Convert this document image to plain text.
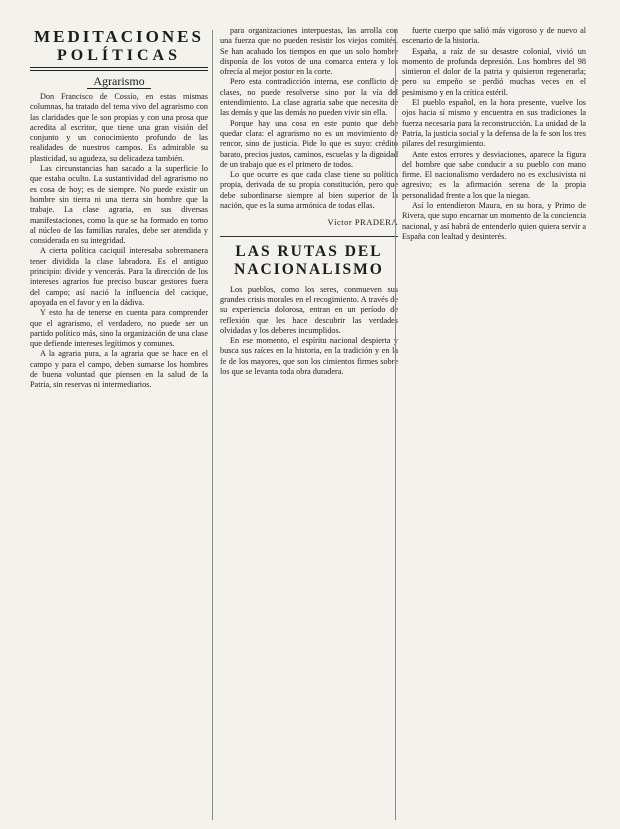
MEDITACIONES
POLÍTICAS
Agrarismo

Don Francisco de Cossío, en estas mismas columnas, ha tratado del tema vivo del agrarismo con las claridades que le son propias y con una prosa que acredita al escritor, que tiene una gran visión del conjunto y un conocimiento profundo de las realidades de nuestros campos. Es admirable su plasticidad, su agudeza, su delicadeza también.

Las circunstancias han sacado a la superficie lo que estaba oculto. La sustantividad del agrarismo no es cosa de hoy; es de siempre. No puede existir un hombre sin tierra ni una tierra sin hombre que la trabaje. La clase agraria, en sus diversas manifestaciones, como la que se ha formado en torno al núcleo de las familias rurales, debe ser atendida y considerada en su integridad.

A cierta política caciquil interesaba sobremanera tener dividida la clase labradora. Es el antiguo principio: divide y vencerás. Para la dirección de los intereses agrarios fue preciso buscar gestores fuera del campo; así nació la influencia del cacique, apoyada en el favor y en la dádiva.

Y esto ha de tenerse en cuenta para comprender que el agrarismo, el verdadero, no puede ser un partido político más, sino la organización de una clase que defiende intereses legítimos y comunes.

A la agraria pura, a la agraria que se hace en el campo y para el campo, deben sumarse los hombres de buena voluntad que piensen en la salud de la Patria, sin reservas ni intermediarios.

para organizaciones interpuestas, las arrolla con una fuerza que no pueden resistir los viejos comités. Se han acabado los tiempos en que un solo hombre disponía de los votos de una comarca entera y los ofrecía al mejor postor en la corte.

Pero esta contradicción interna, ese conflicto de clases, no puede resolverse sino por la vía del entendimiento. La clase agraria sabe que necesita de las demás y que las demás no pueden vivir sin ella.

Porque hay una cosa en este punto que debe quedar clara: el agrarismo no es un movimiento de rencor, sino de justicia. Pide lo que es suyo: crédito barato, precios justos, caminos, escuelas y la dignidad de un trabajo que es el primero de todos.

Lo que ocurre es que cada clase tiene su política propia, derivada de su propia constitución, pero que debe subordinarse siempre al bien superior de la nación, que es la suma armónica de todas ellas.

Víctor PRADERA
LAS RUTAS DEL NACIONALISMO

Los pueblos, como los seres, conmueven sus grandes crisis morales en el recogimiento. A través de su experiencia dolorosa, entran en un período de reflexión que les hace descubrir las verdades olvidadas y los deberes incumplidos.

En ese momento, el espíritu nacional despierta y busca sus raíces en la historia, en la tradición y en la fe de los mayores, que son los cimientos firmes sobre los que se levanta toda obra duradera.

fuerte cuerpo que salió más vigoroso y de nuevo al escenario de la historia.

España, a raíz de su desastre colonial, vivió un momento de profunda depresión. Los hombres del 98 sintieron el dolor de la patria y quisieron regenerarla; pero su empeño se perdió muchas veces en el pesimismo y en la crítica estéril.

El pueblo español, en la hora presente, vuelve los ojos hacia sí mismo y encuentra en sus tradiciones la fuerza necesaria para la reconstrucción. La unidad de la Patria, la justicia social y la defensa de la fe son los tres pilares del resurgimiento.

Ante estos errores y desviaciones, aparece la figura del hombre que sabe conducir a su pueblo con mano firme. El nacionalismo verdadero no es exclusivista ni agresivo; es la afirmación serena de la propia personalidad frente a los que la niegan.

Así lo entendieron Maura, en su hora, y Primo de Rivera, que supo encarnar un momento de la conciencia nacional, y así habrá de entenderlo quien quiera servir a España con lealtad y desinterés.
